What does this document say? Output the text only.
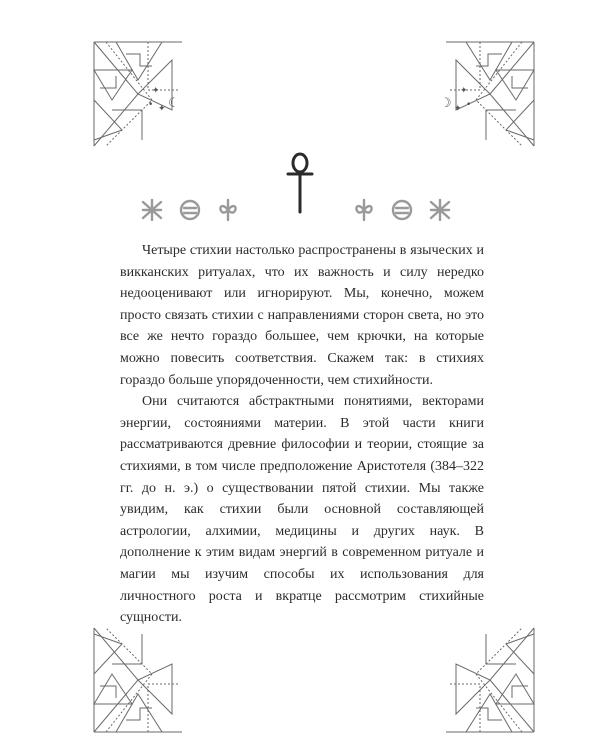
✦
• ✦ ☾
✦
•
✦
☽

Четыре стихии настолько распространены в языческих и викканских ритуалах, что их важность и силу нередко недооценивают или игнорируют. Мы, конечно, можем просто связать стихии с направлениями сторон света, но это все же нечто гораздо большее, чем крючки, на которые можно повесить соответствия. Скажем так: в стихиях гораздо больше упорядоченности, чем стихийности.

Они считаются абстрактными понятиями, векторами энергии, состояниями материи. В этой части книги рассматриваются древние философии и теории, стоящие за стихиями, в том числе предположение Аристотеля (384–322 гг. до н. э.) о существовании пятой стихии. Мы также увидим, как стихии были основной составляющей астрологии, алхимии, медицины и других наук. В дополнение к этим видам энергий в современном ритуале и магии мы изучим способы их использования для личностного роста и вкратце рассмотрим стихийные сущности.
